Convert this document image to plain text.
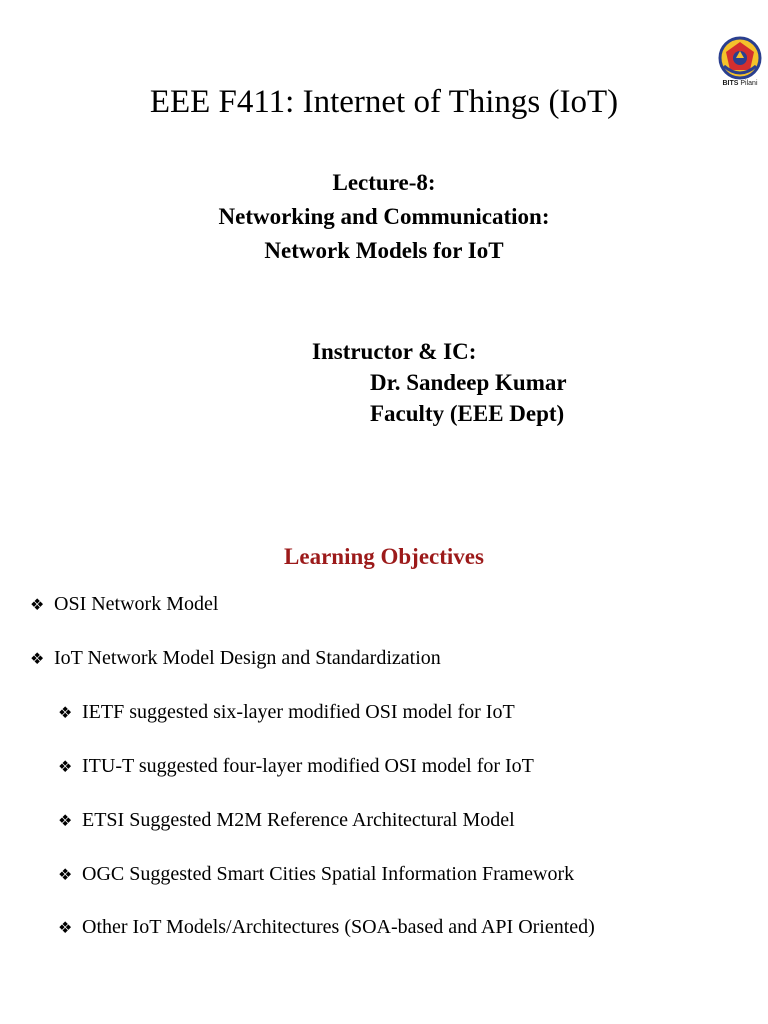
BITS Pilani
EEE F411: Internet of Things (IoT)
Lecture-8:
Networking and Communication:
Network Models for IoT
Instructor & IC:
Dr. Sandeep Kumar
Faculty (EEE Dept)
Learning Objectives
❖ OSI Network Model
❖ IoT Network Model Design and Standardization
❖ IETF suggested six-layer modified OSI model for IoT
❖ ITU-T suggested four-layer modified OSI model for IoT
❖ ETSI Suggested M2M Reference Architectural Model
❖ OGC Suggested Smart Cities Spatial Information Framework
❖ Other IoT Models/Architectures (SOA-based and API Oriented)
